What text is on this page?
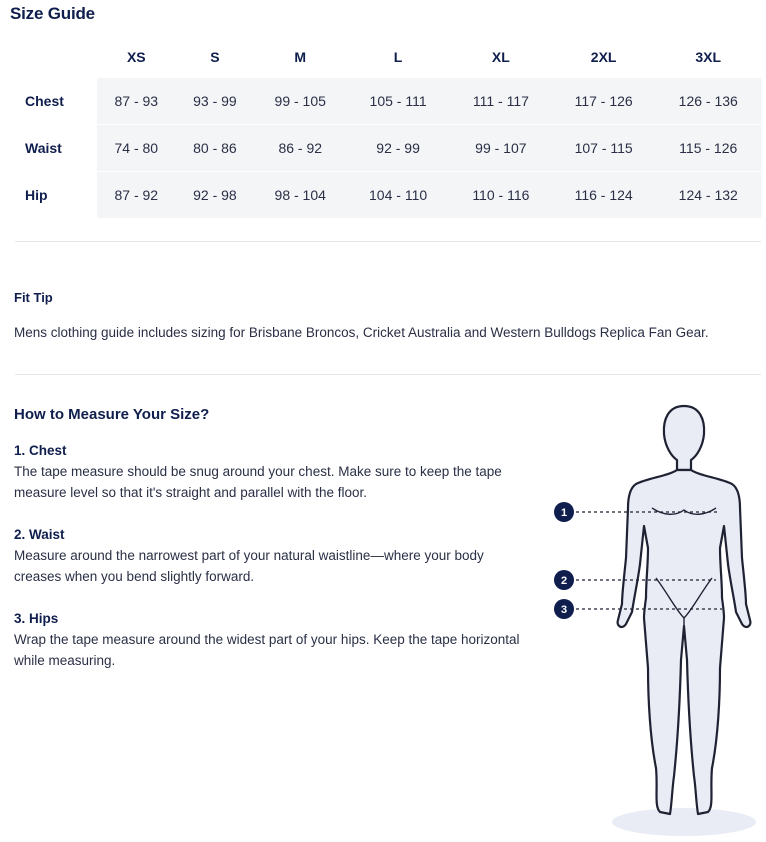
Size Guide
	XS	S	M	L	XL	2XL	3XL
Chest	87 - 93	93 - 99	99 - 105	105 - 111	111 - 117	117 - 126	126 - 136
Waist	74 - 80	80 - 86	86 - 92	92 - 99	99 - 107	107 - 115	115 - 126
Hip	87 - 92	92 - 98	98 - 104	104 - 110	110 - 116	116 - 124	124 - 132
Fit Tip
Mens clothing guide includes sizing for Brisbane Broncos, Cricket Australia and Western Bulldogs Replica Fan Gear.
How to Measure Your Size?
1. Chest
The tape measure should be snug around your chest. Make sure to keep the tape measure level so that it's straight and parallel with the floor.
2. Waist
Measure around the narrowest part of your natural waistline—where your body creases when you bend slightly forward.
3. Hips
Wrap the tape measure around the widest part of your hips. Keep the tape horizontal while measuring.
1
2
3
